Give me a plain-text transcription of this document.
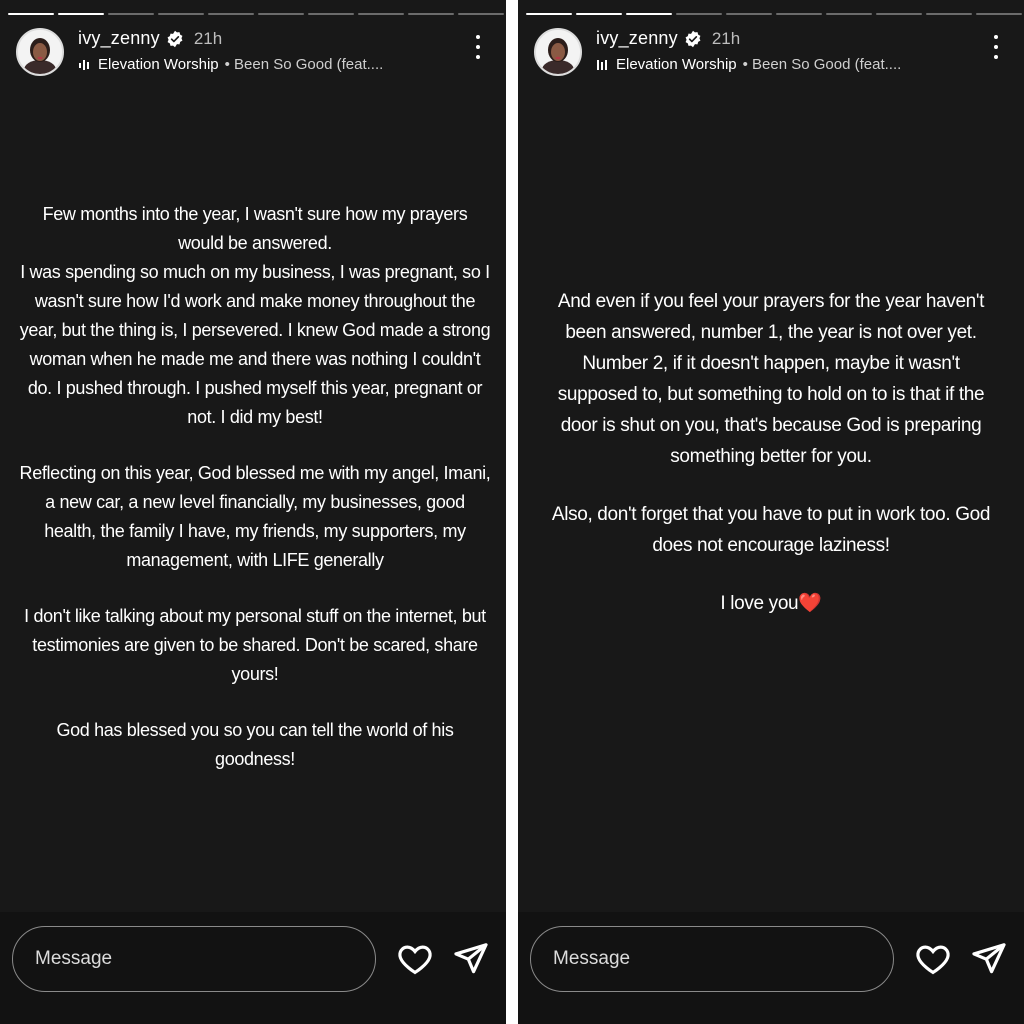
ivy_zenny 21h
Elevation Worship • Been So Good (feat....

Few months into the year, I wasn't sure how my prayers would be answered.
I was spending so much on my business, I was pregnant, so I wasn't sure how I'd work and make money throughout the year, but the thing is, I persevered. I knew God made a strong woman when he made me and there was nothing I couldn't do. I pushed through. I pushed myself this year, pregnant or not. I did my best!

Reflecting on this year, God blessed me with my angel, Imani, a new car, a new level financially, my businesses, good health, the family I have, my friends, my supporters, my management, with LIFE generally

I don't like talking about my personal stuff on the internet, but testimonies are given to be shared. Don't be scared, share yours!

God has blessed you so you can tell the world of his goodness!

Message
ivy_zenny 21h
Elevation Worship • Been So Good (feat....

And even if you feel your prayers for the year haven't been answered, number 1, the year is not over yet. Number 2, if it doesn't happen, maybe it wasn't supposed to, but something to hold on to is that if the door is shut on you, that's because God is preparing something better for you.

Also, don't forget that you have to put in work too. God does not encourage laziness!

I love you❤️

Message
